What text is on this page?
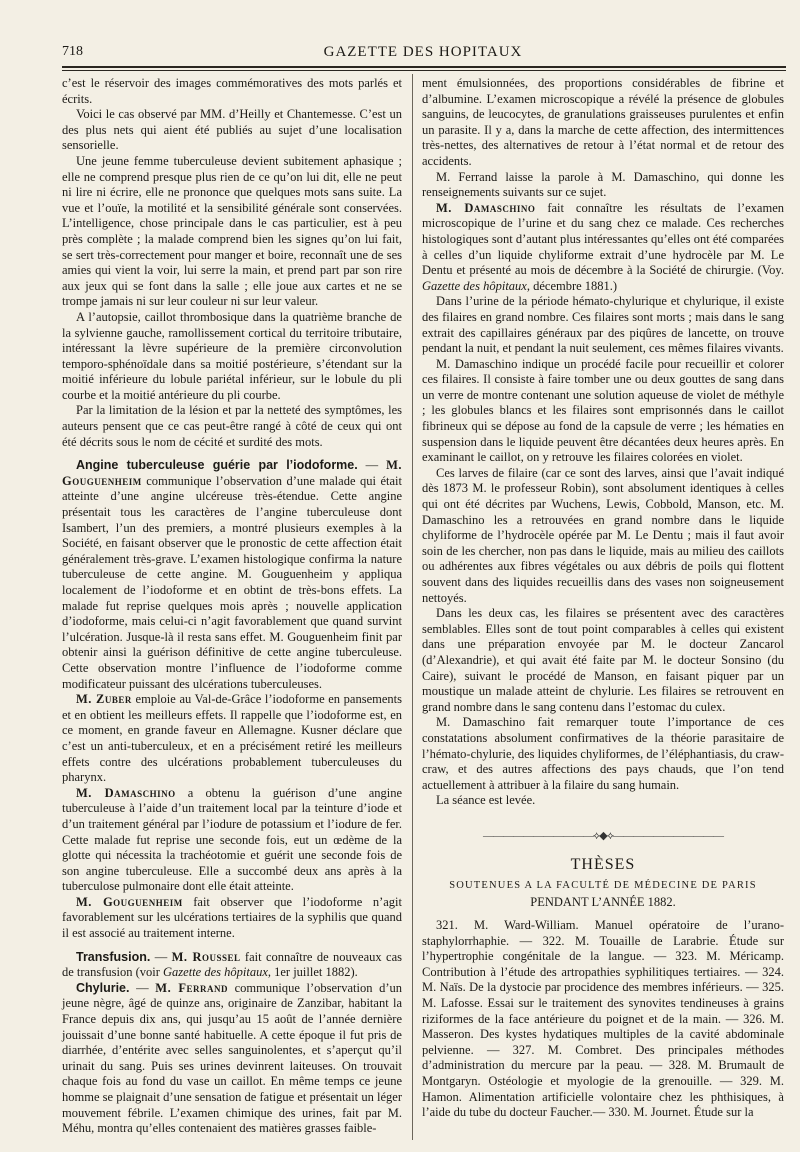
718	GAZETTE DES HOPITAUX

c’est le réservoir des images commémoratives des mots parlés et écrits.

Voici le cas observé par MM. d’Heilly et Chantemesse. C’est un des plus nets qui aient été publiés au sujet d’une localisation sensorielle.

Une jeune femme tuberculeuse devient subitement aphasique ; elle ne comprend presque plus rien de ce qu’on lui dit, elle ne peut ni lire ni écrire, elle ne prononce que quelques mots sans suite. La vue et l’ouïe, la motilité et la sensibilité générale sont conservées. L’intelligence, chose principale dans le cas particulier, est à peu près complète ; la malade comprend bien les signes qu’on lui fait, se sert très-correctement pour manger et boire, reconnaît une de ses amies qui vient la voir, lui serre la main, et prend part par son rire aux jeux qui se font dans la salle ; elle joue aux cartes et ne se trompe jamais ni sur leur couleur ni sur leur valeur.

A l’autopsie, caillot thrombosique dans la quatrième branche de la sylvienne gauche, ramollissement cortical du territoire tributaire, intéressant la lèvre supérieure de la première circonvolution temporo-sphénoïdale dans sa moitié postérieure, s’étendant sur la moitié inférieure du lobule pariétal inférieur, sur le lobule du pli courbe et la moitié antérieure du pli courbe.

Par la limitation de la lésion et par la netteté des symptômes, les auteurs pensent que ce cas peut-être rangé à côté de ceux qui ont été décrits sous le nom de cécité et surdité des mots.

Angine tuberculeuse guérie par l’iodoforme. — M. Gouguenheim communique l’observation d’une malade qui était atteinte d’une angine ulcéreuse très-étendue. Cette angine présentait tous les caractères de l’angine tuberculeuse dont Isambert, l’un des premiers, a montré plusieurs exemples à la Société, en faisant observer que le pronostic de cette affection était généralement très-grave. L’examen histologique confirma la nature tuberculeuse de cette angine. M. Gouguenheim y appliqua localement de l’iodoforme et en obtint de très-bons effets. La malade fut reprise quelques mois après ; nouvelle application d’iodoforme, mais celui-ci n’agit favorablement que quand survint l’ulcération. Jusque-là il resta sans effet. M. Gouguenheim finit par obtenir ainsi la guérison définitive de cette angine tuberculeuse. Cette observation montre l’influence de l’iodoforme comme modificateur puissant des ulcérations tuberculeuses.

M. Zuber emploie au Val-de-Grâce l’iodoforme en pansements et en obtient les meilleurs effets. Il rappelle que l’iodoforme est, en ce moment, en grande faveur en Allemagne. Kusner déclare que c’est un anti-tuberculeux, et en a précisément retiré les meilleurs effets contre des ulcérations probablement tuberculeuses du pharynx.

M. Damaschino a obtenu la guérison d’une angine tuberculeuse à l’aide d’un traitement local par la teinture d’iode et d’un traitement général par l’iodure de potassium et l’iodure de fer. Cette malade fut reprise une seconde fois, eut un œdème de la glotte qui nécessita la trachéotomie et guérit une seconde fois de son angine tuberculeuse. Elle a succombé deux ans après à la tuberculose pulmonaire dont elle était atteinte.

M. Gouguenheim fait observer que l’iodoforme n’agit favorablement sur les ulcérations tertiaires de la syphilis que quand il est associé au traitement interne.

Transfusion. — M. Roussel fait connaître de nouveaux cas de transfusion (voir Gazette des hôpitaux, 1er juillet 1882).

Chylurie. — M. Ferrand communique l’observation d’un jeune nègre, âgé de quinze ans, originaire de Zanzibar, habitant la France depuis dix ans, qui jusqu’au 15 août de l’année dernière jouissait d’une bonne santé habituelle. A cette époque il fut pris de diarrhée, d’entérite avec selles sanguinolentes, et s’aperçut qu’il urinait du sang. Puis ses urines devinrent laiteuses. On trouvait chaque fois au fond du vase un caillot. En même temps ce jeune homme se plaignait d’une sensation de fatigue et présentait un léger mouvement fébrile. L’examen chimique des urines, fait par M. Méhu, montra qu’elles contenaient des matières grasses faible-

ment émulsionnées, des proportions considérables de fibrine et d’albumine. L’examen microscopique a révélé la présence de globules sanguins, de leucocytes, de granulations graisseuses purulentes et enfin un parasite. Il y a, dans la marche de cette affection, des intermittences très-nettes, des alternatives de retour à l’état normal et de retour des accidents.

M. Ferrand laisse la parole à M. Damaschino, qui donne les renseignements suivants sur ce sujet.

M. Damaschino fait connaître les résultats de l’examen microscopique de l’urine et du sang chez ce malade. Ces recherches histologiques sont d’autant plus intéressantes qu’elles ont été comparées à celles d’un liquide chyliforme extrait d’une hydrocèle par M. Le Dentu et présenté au mois de décembre à la Société de chirurgie. (Voy. Gazette des hôpitaux, décembre 1881.)

Dans l’urine de la période hémato-chylurique et chylurique, il existe des filaires en grand nombre. Ces filaires sont morts ; mais dans le sang extrait des capillaires généraux par des piqûres de lancette, on trouve pendant la nuit, et pendant la nuit seulement, ces mêmes filaires vivants.

M. Damaschino indique un procédé facile pour recueillir et colorer ces filaires. Il consiste à faire tomber une ou deux gouttes de sang dans un verre de montre contenant une solution aqueuse de violet de méthyle ; les globules blancs et les filaires sont emprisonnés dans le caillot fibrineux qui se dépose au fond de la capsule de verre ; les hématies en suspension dans le liquide peuvent être décantées deux heures après. En examinant le caillot, on y retrouve les filaires colorées en violet.

Ces larves de filaire (car ce sont des larves, ainsi que l’avait indiqué dès 1873 M. le professeur Robin), sont absolument identiques à celles qui ont été décrites par Wuchens, Lewis, Cobbold, Manson, etc. M. Damaschino les a retrouvées en grand nombre dans le liquide chyliforme de l’hydrocèle opérée par M. Le Dentu ; mais il faut avoir soin de les chercher, non pas dans le liquide, mais au milieu des caillots ou adhérentes aux fibres végétales ou aux débris de poils qui flottent souvent dans des liquides recueillis dans des vases non soigneusement nettoyés.

Dans les deux cas, les filaires se présentent avec des caractères semblables. Elles sont de tout point comparables à celles qui existent dans une préparation envoyée par M. le docteur Zancarol (d’Alexandrie), et qui avait été faite par M. le docteur Sonsino (du Caire), suivant le procédé de Manson, en faisant piquer par un moustique un malade atteint de chylurie. Les filaires se retrouvent en grand nombre dans le sang contenu dans l’estomac du culex.

M. Damaschino fait remarquer toute l’importance de ces constatations absolument confirmatives de la théorie parasitaire de l’hémato-chylurie, des liquides chyliformes, de l’éléphantiasis, du craw-craw, et des autres affections des pays chauds, que l’on tend actuellement à attribuer à la filaire du sang humain.

La séance est levée.

———————————⟡◆⟡———————————
THÈSES
SOUTENUES A LA FACULTÉ DE MÉDECINE DE PARIS
PENDANT L’ANNÉE 1882.

321. M. Ward-William. Manuel opératoire de l’urano-staphylorrhaphie. — 322. M. Touaille de Larabrie. Étude sur l’hypertrophie congénitale de la langue. — 323. M. Méricamp. Contribution à l’étude des artropathies syphilitiques tertiaires. — 324. M. Naïs. De la dystocie par procidence des membres inférieurs. — 325. M. Lafosse. Essai sur le traitement des synovites tendineuses à grains riziformes de la face antérieure du poignet et de la main. — 326. M. Masseron. Des kystes hydatiques multiples de la cavité abdominale pelvienne. — 327. M. Combret. Des principales méthodes d’administration du mercure par la peau. — 328. M. Brumault de Montgaryn. Ostéologie et myologie de la grenouille. — 329. M. Hamon. Alimentation artificielle volontaire chez les phthisiques, à l’aide du tube du docteur Faucher.— 330. M. Journet. Étude sur la
